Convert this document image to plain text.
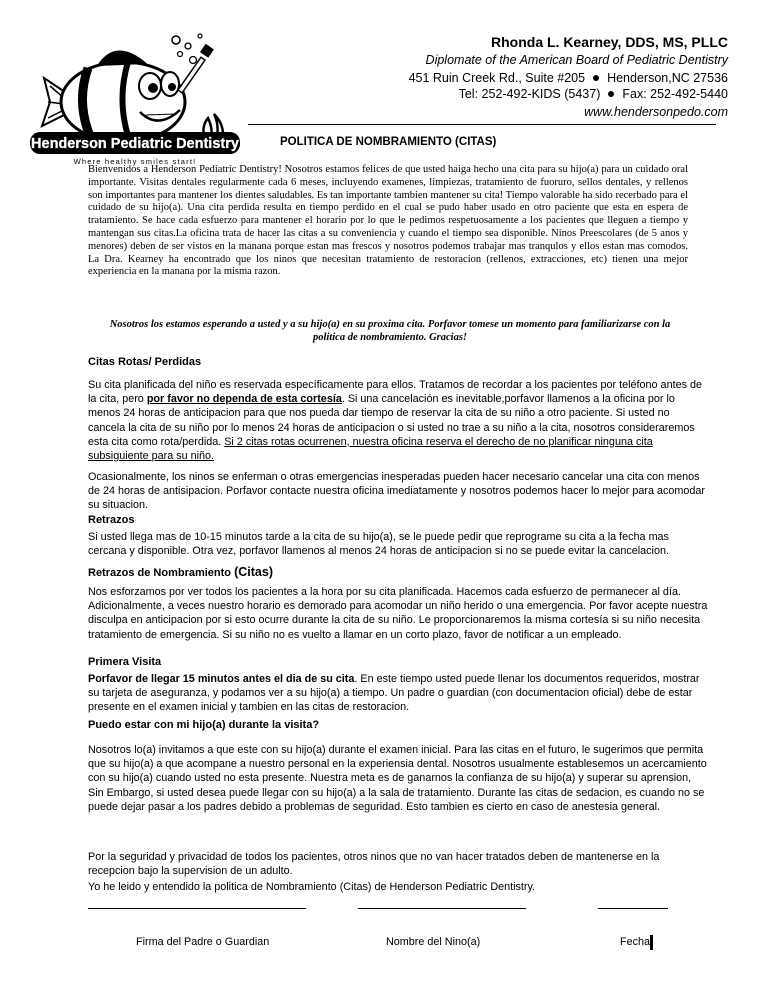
Henderson Pediatric Dentistry
Where healthy smiles start!
Rhonda L. Kearney, DDS, MS, PLLC
Diplomate of the American Board of Pediatric Dentistry
451 Ruin Creek Rd., Suite #205 Henderson,NC 27536
Tel: 252-492-KIDS (5437) Fax: 252-492-5440
www.hendersonpedo.com
POLITICA DE NOMBRAMIENTO (CITAS)
Bienvenidos a Henderson Pediatric Dentistry! Nosotros estamos felices de que usted haiga hecho una cita para su hijo(a) para un cuidado oral importante. Visitas dentales regularmente cada 6 meses, incluyendo examenes, limpiezas, tratamiento de fuoruro, sellos dentales, y rellenos son importantes para mantener los dientes saludables. Es tan importante tambien mantener su cita! Tiempo valorable ha sido recerbado para el cuidado de su hijo(a). Una cita perdida resulta en tiempo perdido en el cual se pudo haber usado en otro paciente que esta en espera de tratamiento. Se hace cada esfuerzo para mantener el horario por lo que le pedimos respetuosamente a los pacientes que lleguen a tiempo y mantengan sus citas.La oficina trata de hacer las citas a su conveniencia y cuando el tiempo sea disponible. Ninos Preescolares (de 5 anos y menores) deben de ser vistos en la manana porque estan mas frescos y nosotros podemos trabajar mas tranqulos y ellos estan mas comodos. La Dra. Kearney ha encontrado que los ninos que necesitan tratamiento de restoracion (rellenos, extracciones, etc) tienen una mejor experiencia en la manana por la misma razon.
Nosotros los estamos esperando a usted y a su hijo(a) en su proxima cita. Porfavor tomese un momento para familiarizarse con la politica de nombramiento. Gracias!
Citas Rotas/ Perdidas
Su cita planificada del niño es reservada específicamente para ellos. Tratamos de recordar a los pacientes por teléfono antes de la cita, pero por favor no dependa de esta cortesía. Si una cancelación es inevitable,porfavor llamenos a la oficina por lo menos 24 horas de anticipacion para que nos pueda dar tiempo de reservar la cita de su niño a otro paciente. Si usted no cancela la cita de su niño por lo menos 24 horas de anticipacion o si usted no trae a su niño a la cita, nosotros consideraremos esta cita como rota/perdida. Si 2 citas rotas ocurrenen, nuestra oficina reserva el derecho de no planificar ninguna cita subsiguiente para su niño.
Ocasionalmente, los ninos se enferman o otras emergencias inesperadas pueden hacer necesario cancelar una cita con menos de 24 horas de antisipacion. Porfavor contacte nuestra oficina imediatamente y nosotros podemos hacer lo mejor para acomodar su situacion.
Retrazos
Si usted llega mas de 10-15 minutos tarde a la cita de su hijo(a), se le puede pedir que reprograme su cita a la fecha mas cercana y disponible. Otra vez, porfavor llamenos al menos 24 horas de anticipacion si no se puede evitar la cancelacion.
Retrazos de Nombramiento (Citas)
Nos esforzamos por ver todos los pacientes a la hora por su cita planificada. Hacemos cada esfuerzo de permanecer al día. Adicionalmente, a veces nuestro horario es demorado para acomodar un niño herido o una emergencia. Por favor acepte nuestra disculpa en anticipacion por si esto ocurre durante la cita de su niño. Le proporcionaremos la misma cortesía si su niño necesita tratamiento de emergencia. Si su niño no es vuelto a llamar en un corto plazo, favor de notificar a un empleado.
Primera Visita
Porfavor de llegar 15 minutos antes el dia de su cita. En este tiempo usted puede llenar los documentos requeridos, mostrar su tarjeta de aseguranza, y podamos ver a su hijo(a) a tiempo. Un padre o guardian (con documentacion oficial) debe de estar presente en el examen inicial y tambien en las citas de restoracion.
Puedo estar con mi hijo(a) durante la visita?
Nosotros lo(a) invitamos a que este con su hijo(a) durante el examen inicial. Para las citas en el futuro, le sugerimos que permita que su hijo(a) a que acompane a nuestro personal en la experiensia dental. Nosotros usualmente establesemos un acercamiento con su hijo(a) cuando usted no esta presente. Nuestra meta es de ganarnos la confianza de su hijo(a) y superar su aprension, Sin Embargo, si usted desea puede llegar con su hijo(a) a la sala de tratamiento. Durante las citas de sedacion, es cuando no se puede dejar pasar a los padres debido a problemas de seguridad. Esto tambien es cierto en caso de anestesia general.
Por la seguridad y privacidad de todos los pacientes, otros ninos que no van hacer tratados deben de mantenerse en la recepcion bajo la supervision de un adulto.
Yo he leido y entendido la politica de Nombramiento (Citas) de Henderson Pediatric Dentistry.
Firma del Padre o Guardian	Nombre del Nino(a)	Fecha
